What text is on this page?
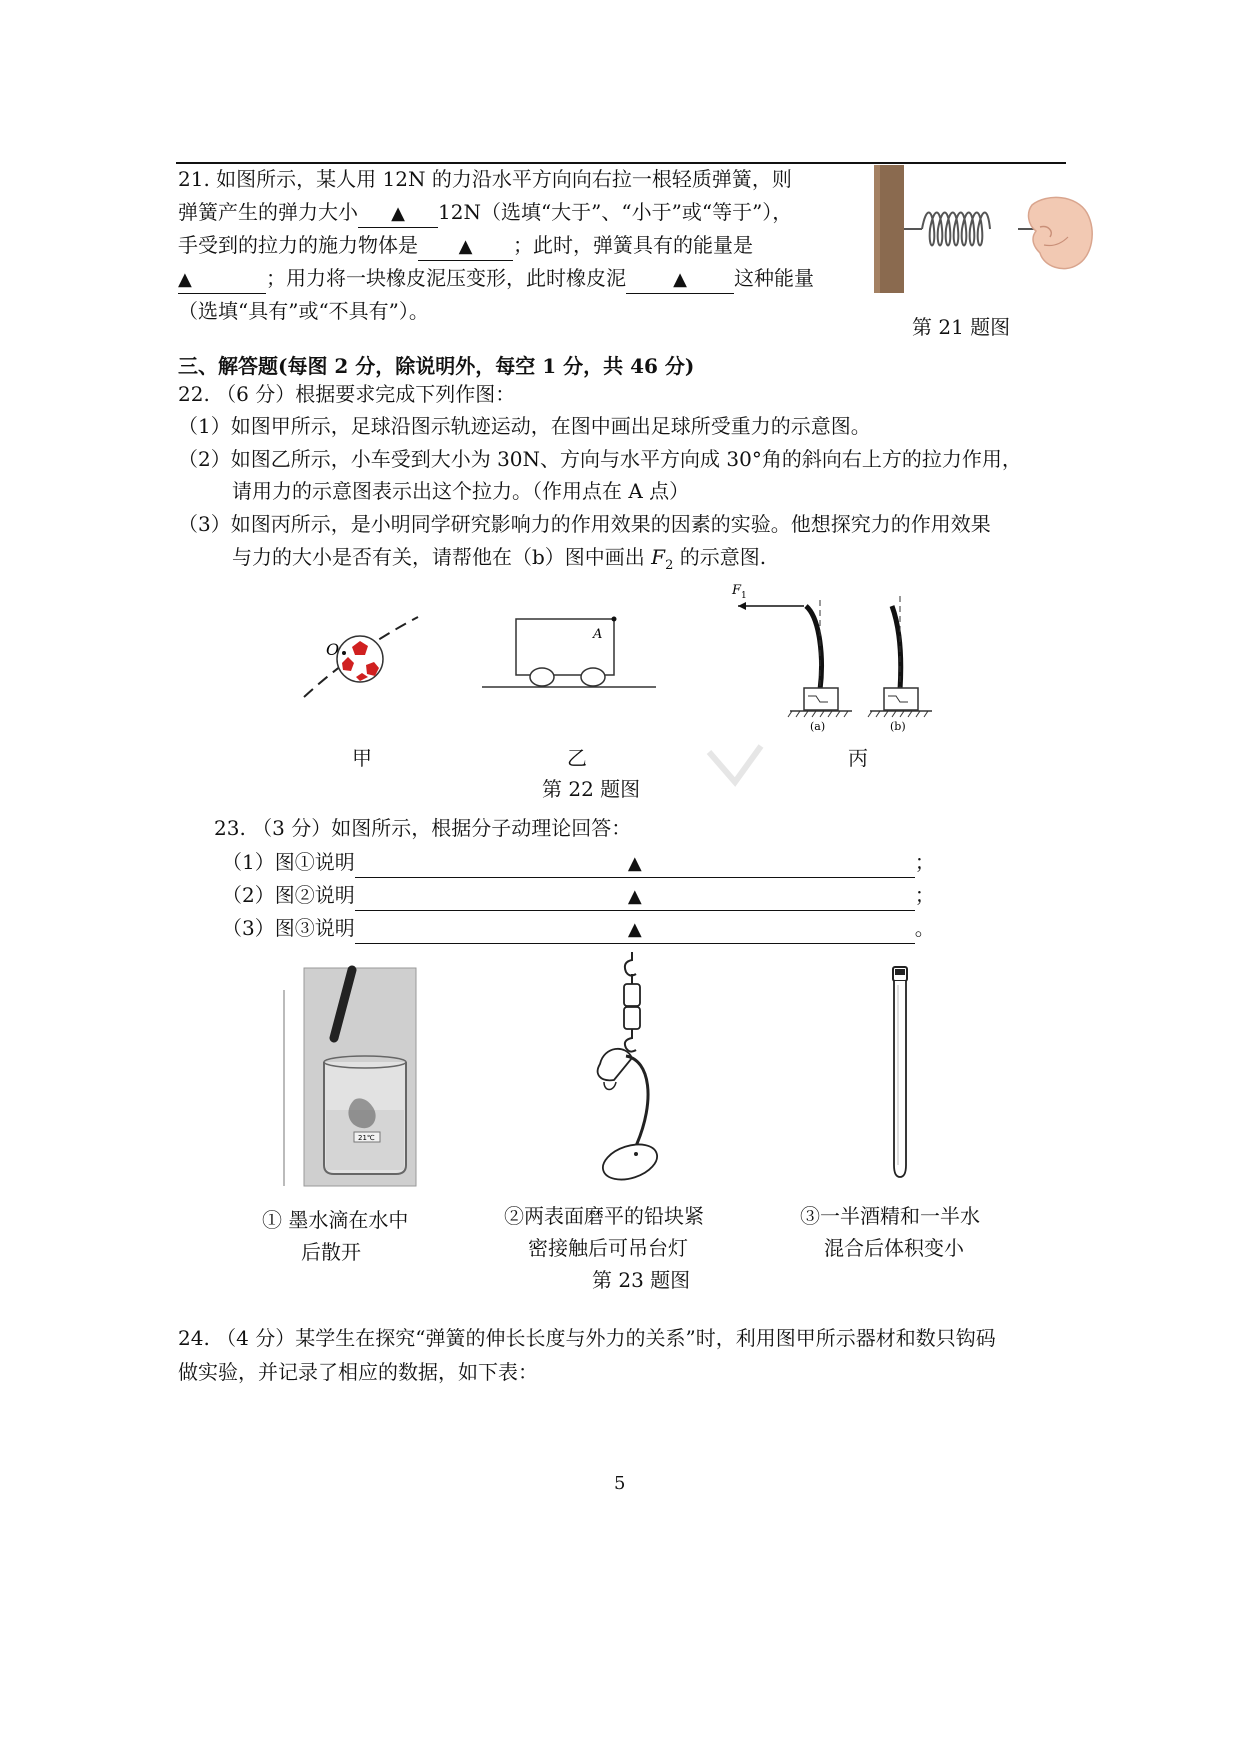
21. 如图所示，某人用 12N 的力沿水平方向向右拉一根轻质弹簧，则
弹簧产生的弹力大小 ▲ 12N（选填“大于”、“小于”或“等于”），
手受到的拉力的施力物体是 ▲ ；此时，弹簧具有的能量是
▲	；用力将一块橡皮泥压变形，此时橡皮泥	▲ 这种能量
（选填“具有”或“不具有”）。
第 21 题图
三、解答题(每图 2 分，除说明外，每空 1 分，共 46 分)
22. （6 分）根据要求完成下列作图：
（1）如图甲所示，足球沿图示轨迹运动，在图中画出足球所受重力的示意图。
（2）如图乙所示，小车受到大小为 30N、方向与水平方向成 30°角的斜向右上方的拉力作用，
请用力的示意图表示出这个拉力。（作用点在 A 点）
（3）如图丙所示，是小明同学研究影响力的作用效果的因素的实验。他想探究力的作用效果
与力的大小是否有关，请帮他在（b）图中画出 $F_2$ 的示意图.
O
甲
A
乙
F 1
(a)	(b)
丙
第 22 题图
23. （3 分）如图所示，根据分子动理论回答：
（1）图①说明	▲	；
（2）图②说明	▲	；
（3）图③说明	▲	。
21℃
① 墨水滴在水中
后散开
②两表面磨平的铅块紧
密接触后可吊台灯
③一半酒精和一半水
混合后体积变小
第 23 题图
24. （4 分）某学生在探究“弹簧的伸长长度与外力的关系”时，利用图甲所示器材和数只钩码
做实验，并记录了相应的数据，如下表：
5
